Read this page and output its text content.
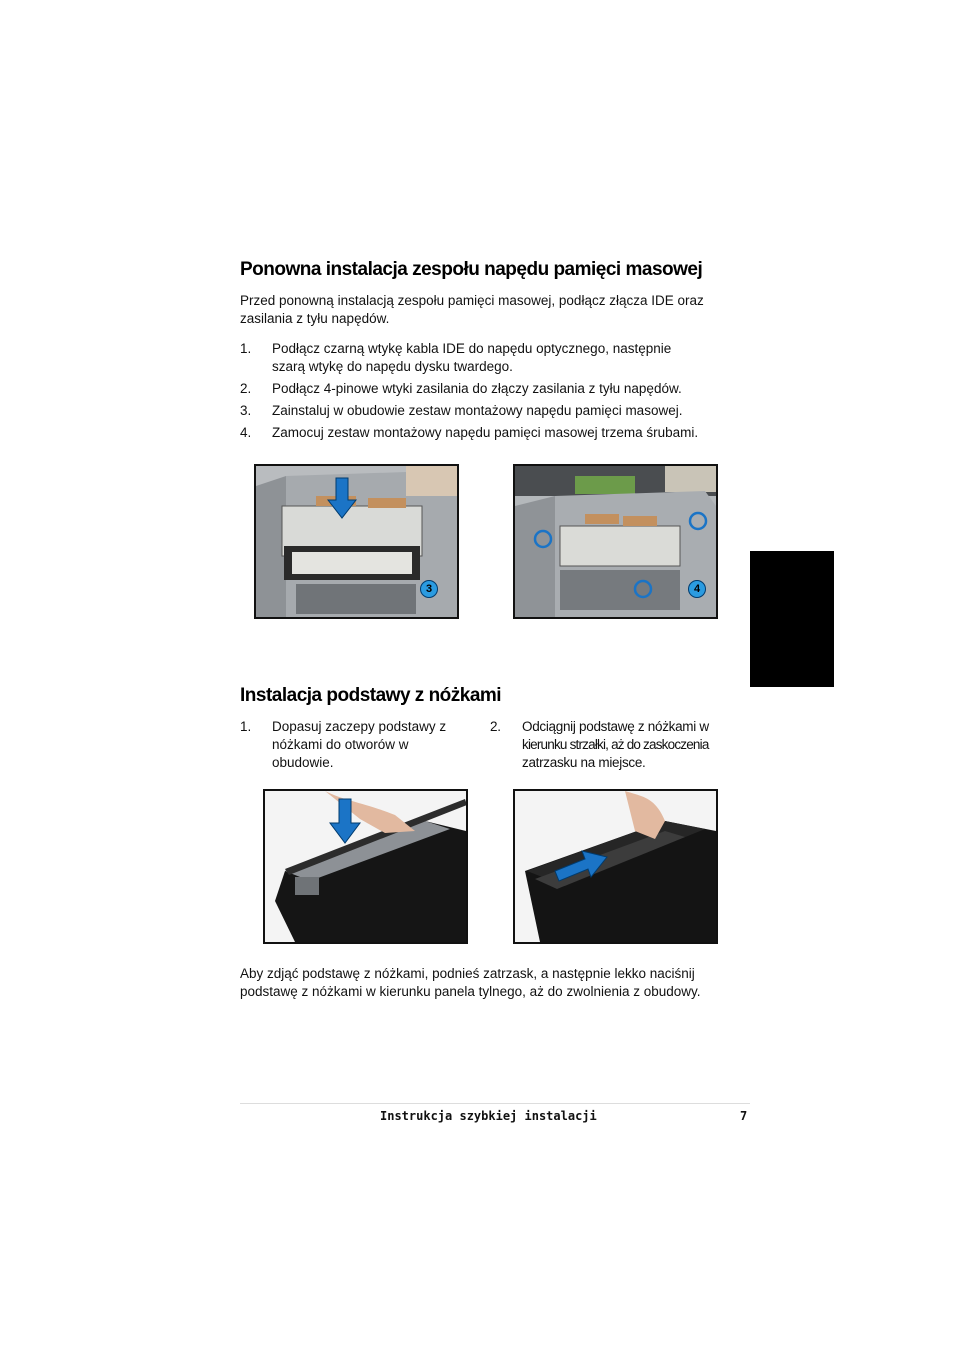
Ponowna instalacja zespołu napędu pamięci masowej

Przed ponowną instalacją zespołu pamięci masowej, podłącz złącza IDE oraz

zasilania z tyłu napędów.

1. Podłącz czarną wtykę kabla IDE do napędu optycznego, następnie
szarą wtykę do napędu dysku twardego.
2. Podłącz 4-pinowe wtyki zasilania do złączy zasilania z tyłu napędów.
3. Zainstaluj w obudowie zestaw montażowy napędu pamięci masowej.
4. Zamocuj zestaw montażowy napędu pamięci masowej trzema śrubami.
3	4
Instalacja podstawy z nóżkami
1. Dopasuj zaczepy podstawy z
nóżkami do otworów w
obudowie.
2. Odciągnij podstawę z nóżkami w
kierunku strzałki, aż do zaskoczenia
zatrzasku na miejsce.

Aby zdjąć podstawę z nóżkami, podnieś zatrzask, a następnie lekko naciśnij

podstawę z nóżkami w kierunku panela tylnego, aż do zwolnienia z obudowy.

Instrukcja szybkiej instalacji	7
